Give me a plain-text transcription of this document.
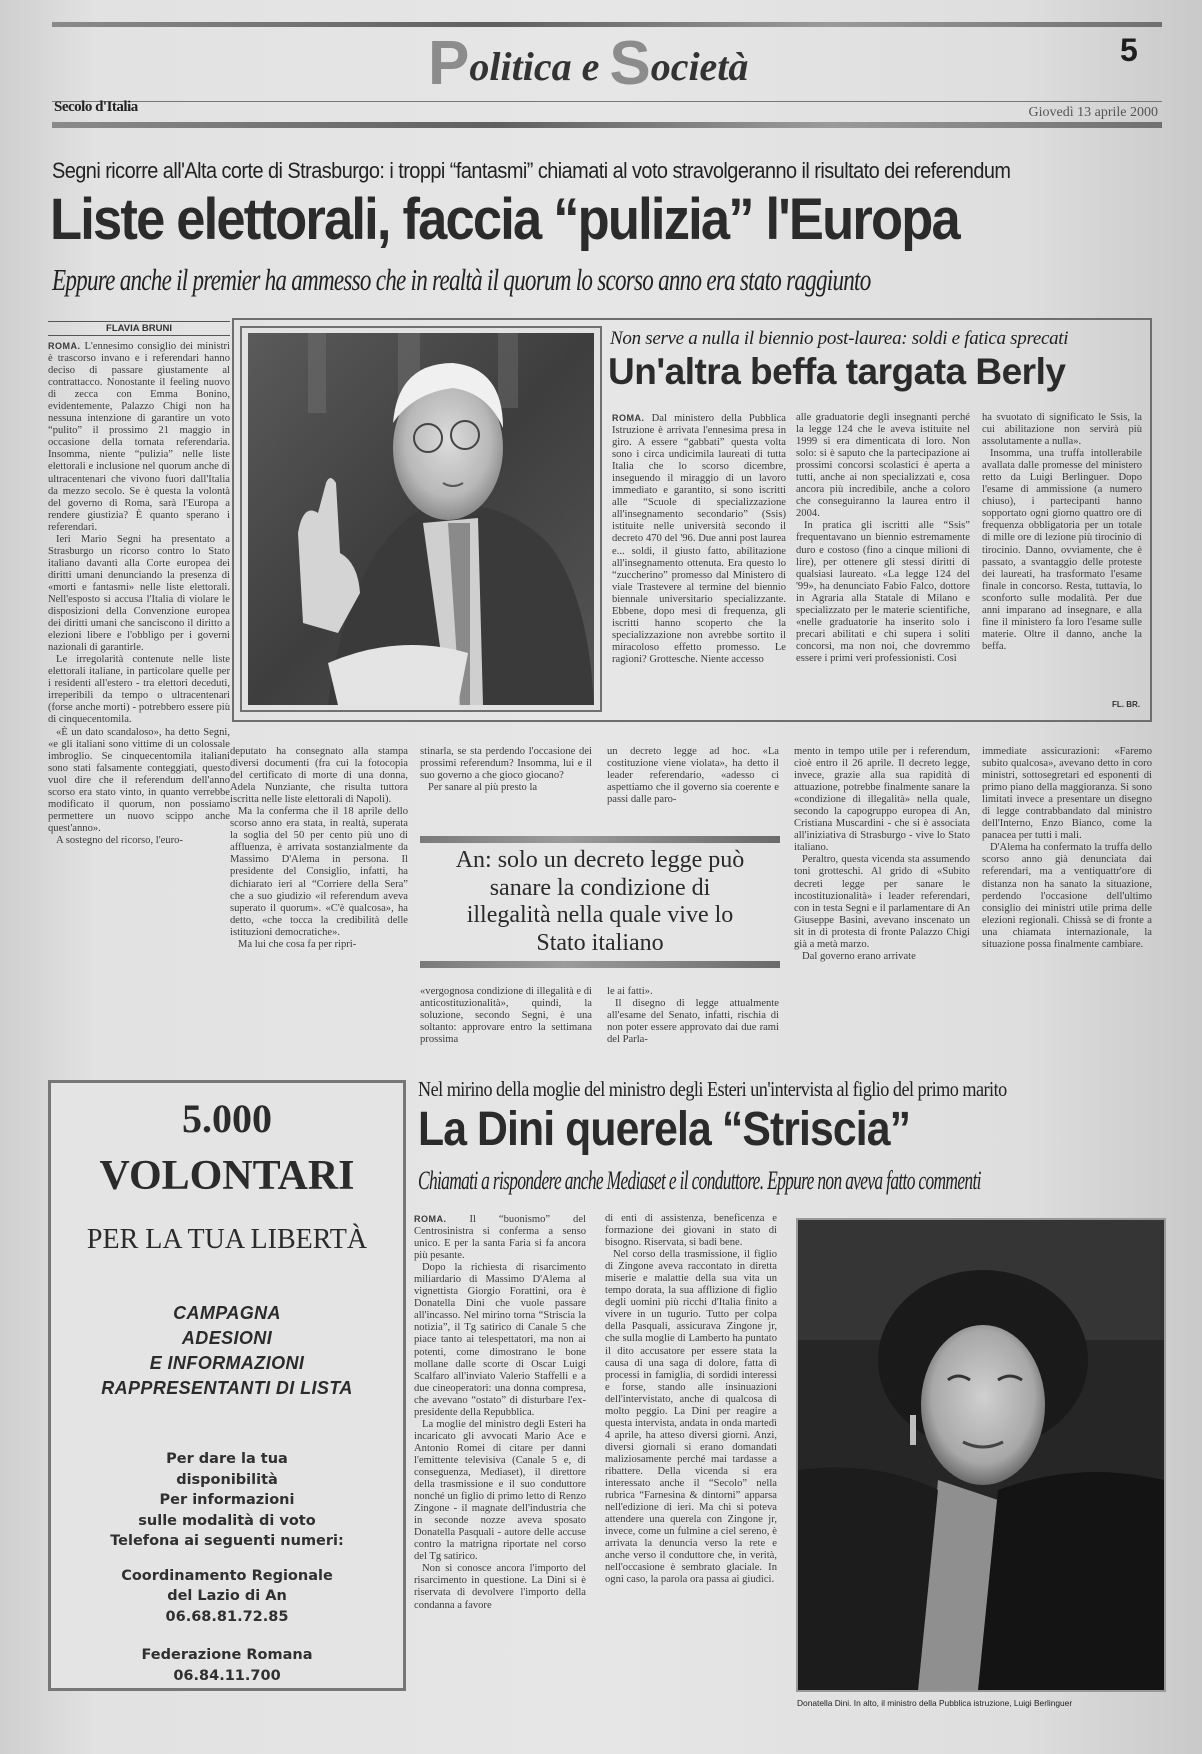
Politica e Società	5
Secolo d'Italia	Giovedì 13 aprile 2000
Segni ricorre all'Alta corte di Strasburgo: i troppi “fantasmi” chiamati al voto stravolgeranno il risultato dei referendum
Liste elettorali, faccia “pulizia” l'Europa
Eppure anche il premier ha ammesso che in realtà il quorum lo scorso anno era stato raggiunto
FLAVIA BRUNI

ROMA. L'ennesimo consiglio dei ministri è trascorso invano e i referendari hanno deciso di passare giustamente al contrattacco. Nonostante il feeling nuovo di zecca con Emma Bonino, evidentemente, Palazzo Chigi non ha nessuna intenzione di garantire un voto “pulito” il prossimo 21 maggio in occasione della tornata referendaria. Insomma, niente “pulizia” nelle liste elettorali e inclusione nel quorum anche di ultracentenari che vivono fuori dall'Italia da mezzo secolo. Se è questa la volontà del governo di Roma, sarà l'Europa a rendere giustizia? È quanto sperano i referendari.

Ieri Mario Segni ha presentato a Strasburgo un ricorso contro lo Stato italiano davanti alla Corte europea dei diritti umani denunciando la presenza di «morti e fantasmi» nelle liste elettorali. Nell'esposto si accusa l'Italia di violare le disposizioni della Convenzione europea dei diritti umani che sanciscono il diritto a elezioni libere e l'obbligo per i governi nazionali di garantirle.

Le irregolarità contenute nelle liste elettorali italiane, in particolare quelle per i residenti all'estero - tra elettori deceduti, irreperibili da tempo o ultracentenari (forse anche morti) - potrebbero essere più di cinquecentomila.

«È un dato scandaloso», ha detto Segni, «e gli italiani sono vittime di un colossale imbroglio. Se cinquecentomila italiani sono stati falsamente conteggiati, questo vuol dire che il referendum dell'anno scorso era stato vinto, in quanto verrebbe modificato il quorum, non possiamo permettere un nuovo scippo anche quest'anno».

A sostegno del ricorso, l'euro-

Non serve a nulla il biennio post-laurea: soldi e fatica sprecati
Un'altra beffa targata Berly

ROMA. Dal ministero della Pubblica Istruzione è arrivata l'ennesima presa in giro. A essere “gabbati” questa volta sono i circa undicimila laureati di tutta Italia che lo scorso dicembre, inseguendo il miraggio di un lavoro immediato e garantito, si sono iscritti alle “Scuole di specializzazione all'insegnamento secondario” (Ssis) istituite nelle università secondo il decreto 470 del '96. Due anni post laurea e... soldi, il giusto fatto, abilitazione all'insegnamento ottenuta. Era questo lo “zuccherino” promesso dal Ministero di viale Trastevere al termine del biennio biennale universitario specializzante. Ebbene, dopo mesi di frequenza, gli iscritti hanno scoperto che la specializzazione non avrebbe sortito il miracoloso effetto promesso. Le ragioni? Grottesche. Niente accesso

alle graduatorie degli insegnanti perché la legge 124 che le aveva istituite nel 1999 si era dimenticata di loro. Non solo: si è saputo che la partecipazione ai prossimi concorsi scolastici è aperta a tutti, anche ai non specializzati e, cosa ancora più incredibile, anche a coloro che conseguiranno la laurea entro il 2004.

In pratica gli iscritti alle “Ssis” frequentavano un biennio estremamente duro e costoso (fino a cinque milioni di lire), per ottenere gli stessi diritti di qualsiasi laureato. «La legge 124 del '99», ha denunciato Fabio Falco, dottore in Agraria alla Statale di Milano e specializzato per le materie scientifiche, «nelle graduatorie ha inserito solo i precari abilitati e chi supera i soliti concorsi, ma non noi, che dovremmo essere i primi veri professionisti. Così

ha svuotato di significato le Ssis, la cui abilitazione non servirà più assolutamente a nulla».

Insomma, una truffa intollerabile avallata dalle promesse del ministero retto da Luigi Berlinguer. Dopo l'esame di ammissione (a numero chiuso), i partecipanti hanno sopportato ogni giorno quattro ore di frequenza obbligatoria per un totale di mille ore di lezione più tirocinio di tirocinio. Danno, ovviamente, che è passato, a svantaggio delle proteste dei laureati, ha trasformato l'esame finale in concorso. Resta, tuttavia, lo sconforto sulle modalità. Per due anni imparano ad insegnare, e alla fine il ministero fa loro l'esame sulle materie. Oltre il danno, anche la beffa.

FL. BR.

deputato ha consegnato alla stampa diversi documenti (fra cui la fotocopia del certificato di morte di una donna, Adela Nunziante, che risulta tuttora iscritta nelle liste elettorali di Napoli).

Ma la conferma che il 18 aprile dello scorso anno era stata, in realtà, superata la soglia del 50 per cento più uno di affluenza, è arrivata sostanzialmente da Massimo D'Alema in persona. Il presidente del Consiglio, infatti, ha dichiarato ieri al “Corriere della Sera” che a suo giudizio «il referendum aveva superato il quorum». «C'è qualcosa», ha detto, «che tocca la credibilità delle istituzioni democratiche».

Ma lui che cosa fa per ripri-

stinarla, se sta perdendo l'occasione dei prossimi referendum? Insomma, lui e il suo governo a che gioco giocano?

Per sanare al più presto la

un decreto legge ad hoc. «La costituzione viene violata», ha detto il leader referendario, «adesso ci aspettiamo che il governo sia coerente e passi dalle paro-

An: solo un decreto legge può sanare la condizione di illegalità nella quale vive lo Stato italiano

«vergognosa condizione di illegalità e di anticostituzionalità», quindi, la soluzione, secondo Segni, è una soltanto: approvare entro la settimana prossima

le ai fatti».

Il disegno di legge attualmente all'esame del Senato, infatti, rischia di non poter essere approvato dai due rami del Parla-

mento in tempo utile per i referendum, cioè entro il 26 aprile. Il decreto legge, invece, grazie alla sua rapidità di attuazione, potrebbe finalmente sanare la «condizione di illegalità» nella quale, secondo la capogruppo europea di An, Cristiana Muscardini - che si è associata all'iniziativa di Strasburgo - vive lo Stato italiano.

Peraltro, questa vicenda sta assumendo toni grotteschi. Al grido di «Subito decreti legge per sanare le incostituzionalità» i leader referendari, con in testa Segni e il parlamentare di An Giuseppe Basini, avevano inscenato un sit in di protesta di fronte Palazzo Chigi già a metà marzo.

Dal governo erano arrivate

immediate assicurazioni: «Faremo subito qualcosa», avevano detto in coro ministri, sottosegretari ed esponenti di primo piano della maggioranza. Si sono limitati invece a presentare un disegno di legge contrabbandato dal ministro dell'Interno, Enzo Bianco, come la panacea per tutti i mali.

D'Alema ha confermato la truffa dello scorso anno già denunciata dai referendari, ma a ventiquattr'ore di distanza non ha sanato la situazione, perdendo l'occasione dell'ultimo consiglio dei ministri utile prima delle elezioni regionali. Chissà se di fronte a una chiamata internazionale, la situazione possa finalmente cambiare.

5.000
VOLONTARI
PER LA TUA LIBERTÀ
CAMPAGNA
ADESIONI
E INFORMAZIONI
RAPPRESENTANTI DI LISTA
Per dare la tua
disponibilità
Per informazioni
sulle modalità di voto
Telefona ai seguenti numeri:
Coordinamento Regionale
del Lazio di An
06.68.81.72.85
Federazione Romana
06.84.11.700
Nel mirino della moglie del ministro degli Esteri un'intervista al figlio del primo marito
La Dini querela “Striscia”
Chiamati a rispondere anche Mediaset e il conduttore. Eppure non aveva fatto commenti

ROMA. Il “buonismo” del Centrosinistra si conferma a senso unico. E per la santa Faria si fa ancora più pesante.

Dopo la richiesta di risarcimento miliardario di Massimo D'Alema al vignettista Giorgio Forattini, ora è Donatella Dini che vuole passare all'incasso. Nel mirino torna “Striscia la notizia”, il Tg satirico di Canale 5 che piace tanto ai telespettatori, ma non ai potenti, come dimostrano le bone mollane dalle scorte di Oscar Luigi Scalfaro all'inviato Valerio Staffelli e a due cineoperatori: una donna compresa, che avevano “ostato” di disturbare l'ex-presidente della Repubblica.

La moglie del ministro degli Esteri ha incaricato gli avvocati Mario Ace e Antonio Romei di citare per danni l'emittente televisiva (Canale 5 e, di conseguenza, Mediaset), il direttore della trasmissione e il suo conduttore nonché un figlio di primo letto di Renzo Zingone - il magnate dell'industria che in seconde nozze aveva sposato Donatella Pasquali - autore delle accuse contro la matrigna riportate nel corso del Tg satirico.

Non si conosce ancora l'importo del risarcimento in questione. La Dini si è riservata di devolvere l'importo della condanna a favore

di enti di assistenza, beneficenza e formazione dei giovani in stato di bisogno. Riservata, si badi bene.

Nel corso della trasmissione, il figlio di Zingone aveva raccontato in diretta miserie e malattie della sua vita un tempo dorata, la sua afflizione di figlio degli uomini più ricchi d'Italia finito a vivere in un tugurio. Tutto per colpa della Pasquali, assicurava Zingone jr, che sulla moglie di Lamberto ha puntato il dito accusatore per essere stata la causa di una saga di dolore, fatta di processi in famiglia, di sordidi interessi e forse, stando alle insinuazioni dell'intervistato, anche di qualcosa di molto peggio. La Dini per reagire a questa intervista, andata in onda martedì 4 aprile, ha atteso diversi giorni. Anzi, diversi giornali si erano domandati maliziosamente perché mai tardasse a ribattere. Della vicenda si era interessato anche il “Secolo” nella rubrica “Farnesina & dintorni” apparsa nell'edizione di ieri. Ma chi si poteva attendere una querela con Zingone jr, invece, come un fulmine a ciel sereno, è arrivata la denuncia verso la rete e anche verso il conduttore che, in verità, nell'occasione è sembrato glaciale. In ogni caso, la parola ora passa ai giudici.

Donatella Dini. In alto, il ministro della Pubblica istruzione, Luigi Berlinguer
